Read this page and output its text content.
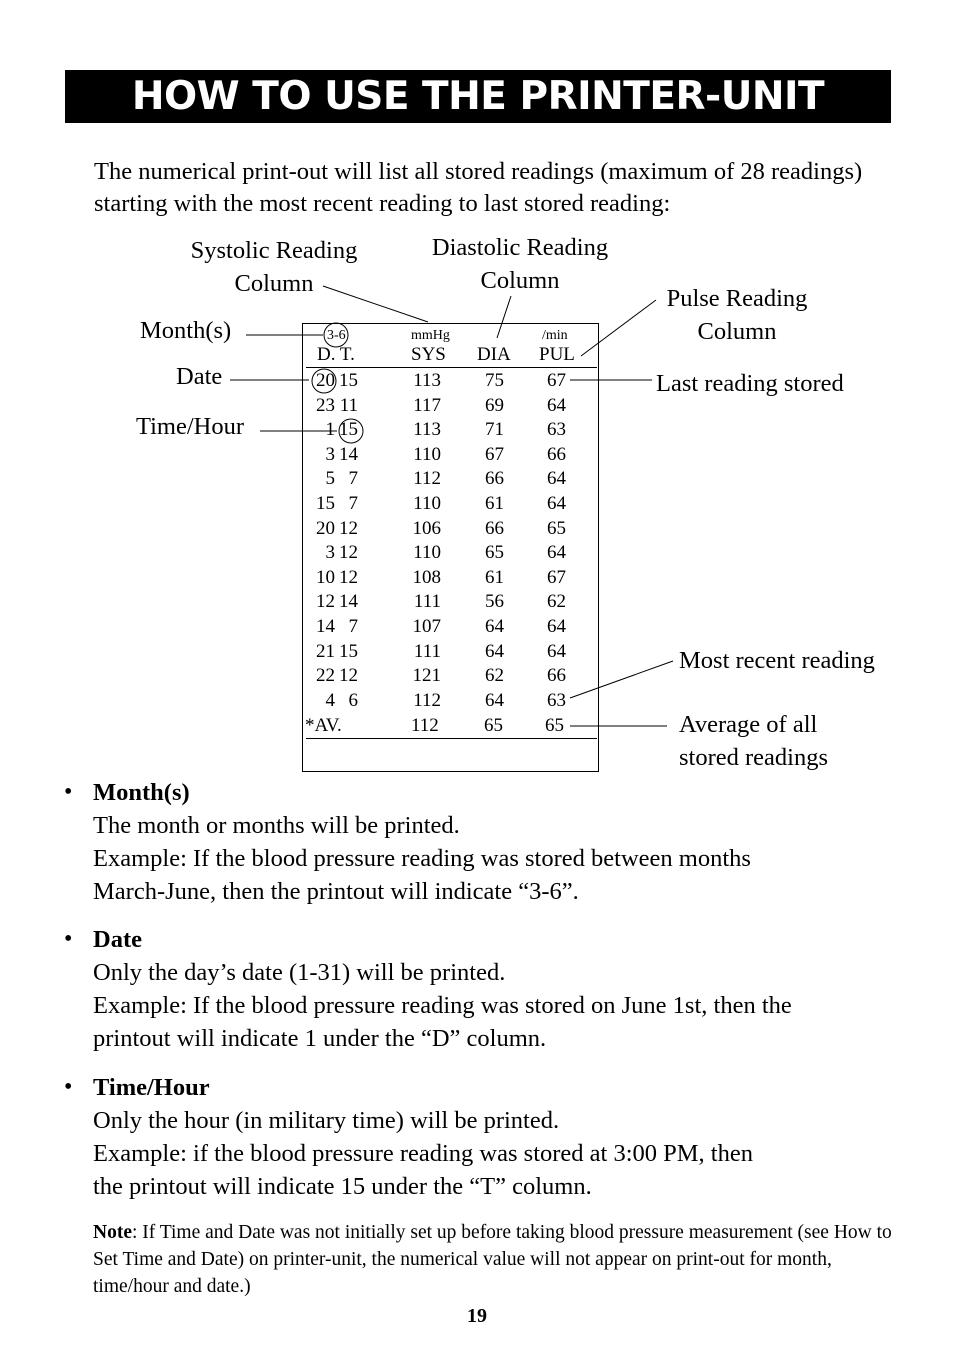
HOW TO USE THE PRINTER-UNIT
The numerical print-out will list all stored readings (maximum of 28 readings) starting with the most recent reading to last stored reading:
Systolic Reading
Column
Diastolic Reading
Column
Pulse Reading
Column
Month(s)
Date
Time/Hour
Last reading stored
Most recent reading
Average of all
stored readings
3-6	mmHg	/min
D. T.	SYS DIA PUL
20 15	113	75	67
23 11	117	69	64
1 15	113	71	63
3 14	110	67	66
5 7	112	66	64
15 7	110	61	64
20 12	106	66	65
3 12	110	65	64
10 12	108	61	67
12 14	111	56	62
14 7	107	64	64
21 15	111	64	64
22 12	121	62	66
4 6	112	64	63
*AV.	112 65 65
• Month(s)
The month or months will be printed.
Example: If the blood pressure reading was stored between months
March-June, then the printout will indicate “3-6”.
• Date
Only the day’s date (1-31) will be printed.
Example: If the blood pressure reading was stored on June 1st, then the
printout will indicate 1 under the “D” column.
• Time/Hour
Only the hour (in military time) will be printed.
Example: if the blood pressure reading was stored at 3:00 PM, then
the printout will indicate 15 under the “T” column.
Note: If Time and Date was not initially set up before taking blood pressure measurement (see How to Set Time and Date) on printer-unit, the numerical value will not appear on print-out for month, time/hour and date.)
19
